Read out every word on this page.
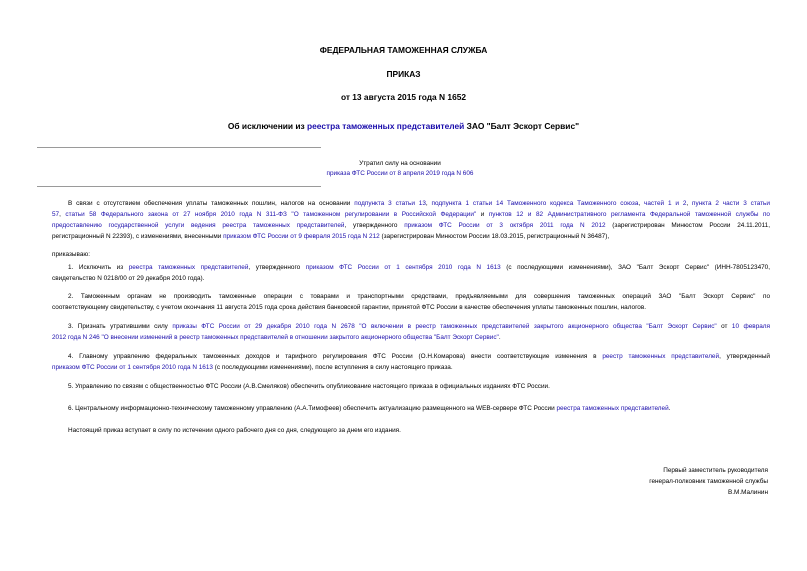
ФЕДЕРАЛЬНАЯ ТАМОЖЕННАЯ СЛУЖБА
ПРИКАЗ
от 13 августа 2015 года N 1652
Об исключении из реестра таможенных представителей ЗАО "Балт Эскорт Сервис"
Утратил силу на основании
приказа ФТС России от 8 апреля 2019 года N 606
В связи с отсутствием обеспечения уплаты таможенных пошлин, налогов на основании подпункта 3 статьи 13, подпункта 1 статьи 14 Таможенного кодекса Таможенного союза, частей 1 и 2, пункта 2 части 3 статьи
57, статьи 58 Федерального закона от 27 ноября 2010 года N 311-ФЗ "О таможенном регулировании в Российской Федерации" и пунктов 12 и 82 Административного регламента Федеральной таможенной службы по
предоставлению государственной услуги ведения реестра таможенных представителей, утвержденного приказом ФТС России от 3 октября 2011 года N 2012 (зарегистрирован Минюстом России 24.11.2011,
регистрационный N 22393), с изменениями, внесенными приказом ФТС России от 9 февраля 2015 года N 212 (зарегистрирован Минюстом России 18.03.2015, регистрационный N 36487),
приказываю:
1. Исключить из реестра таможенных представителей, утвержденного приказом ФТС России от 1 сентября 2010 года N 1613 (с последующими изменениями), ЗАО "Балт Эскорт Сервис" (ИНН-7805123470,
свидетельство N 0218/00 от 29 декабря 2010 года).
2. Таможенным органам не производить таможенные операции с товарами и транспортными средствами, предъявляемыми для совершения таможенных операций ЗАО "Балт Эскорт Сервис" по
соответствующему свидетельству, с учетом окончания 11 августа 2015 года срока действия банковской гарантии, принятой ФТС России в качестве обеспечения уплаты таможенных пошлин, налогов.
3. Признать утратившими силу приказы ФТС России от 29 декабря 2010 года N 2678 "О включении в реестр таможенных представителей закрытого акционерного общества "Балт Эскорт Сервис" от 10 февраля
2012 года N 246 "О внесении изменений в реестр таможенных представителей в отношении закрытого акционерного общества "Балт Эскорт Сервис".
4. Главному управлению федеральных таможенных доходов и тарифного регулирования ФТС России (О.Н.Комарова) внести соответствующие изменения в реестр таможенных представителей, утвержденный
приказом ФТС России от 1 сентября 2010 года N 1613 (с последующими изменениями), после вступления в силу настоящего приказа.
5. Управлению по связям с общественностью ФТС России (А.В.Смеляков) обеспечить опубликование настоящего приказа в официальных изданиях ФТС России.
6. Центральному информационно-техническому таможенному управлению (А.А.Тимофеев) обеспечить актуализацию размещенного на WEB-сервере ФТС России реестра таможенных представителей.
Настоящий приказ вступает в силу по истечении одного рабочего дня со дня, следующего за днем его издания.
Первый заместитель руководителя
генерал-полковник таможенной службы
В.М.Малинин
